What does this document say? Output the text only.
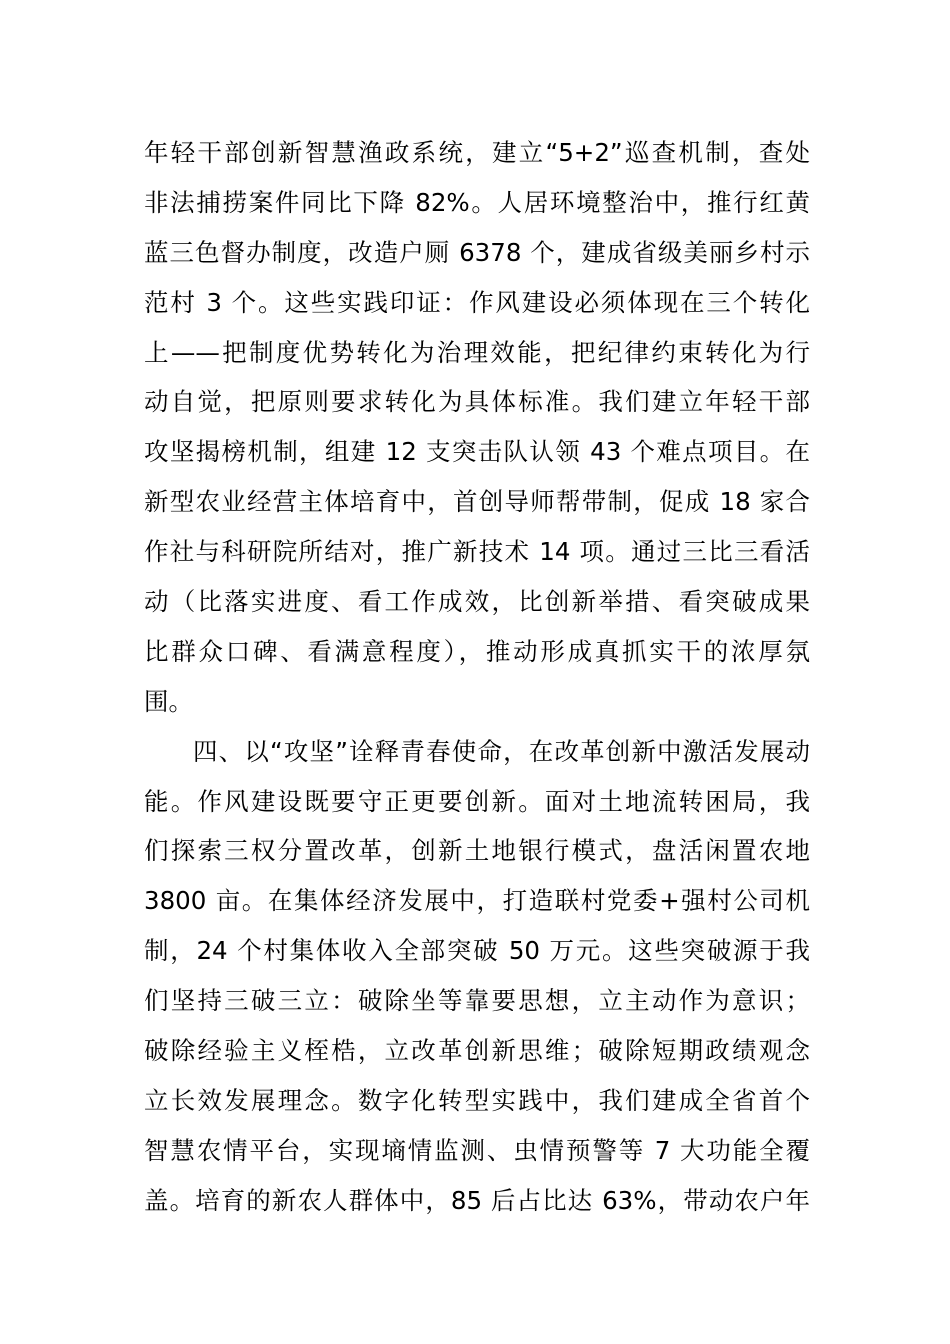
年轻干部创新智慧渔政系统，建立“5+2”巡查机制，查处
非法捕捞案件同比下降 82%。人居环境整治中，推行红黄
蓝三色督办制度，改造户厕 6378 个，建成省级美丽乡村示
范村 3 个。这些实践印证：作风建设必须体现在三个转化
上——把制度优势转化为治理效能，把纪律约束转化为行
动自觉，把原则要求转化为具体标准。我们建立年轻干部
攻坚揭榜机制，组建 12 支突击队认领 43 个难点项目。在
新型农业经营主体培育中，首创导师帮带制，促成 18 家合
作社与科研院所结对，推广新技术 14 项。通过三比三看活
动（比落实进度、看工作成效，比创新举措、看突破成果
比群众口碑、看满意程度），推动形成真抓实干的浓厚氛
围。
四、以“攻坚”诠释青春使命，在改革创新中激活发展动
能。作风建设既要守正更要创新。面对土地流转困局，我
们探索三权分置改革，创新土地银行模式，盘活闲置农地
3800 亩。在集体经济发展中，打造联村党委+强村公司机
制，24 个村集体收入全部突破 50 万元。这些突破源于我
们坚持三破三立：破除坐等靠要思想，立主动作为意识；
破除经验主义桎梏，立改革创新思维；破除短期政绩观念
立长效发展理念。数字化转型实践中，我们建成全省首个
智慧农情平台，实现墒情监测、虫情预警等 7 大功能全覆
盖。培育的新农人群体中，85 后占比达 63%，带动农户年
